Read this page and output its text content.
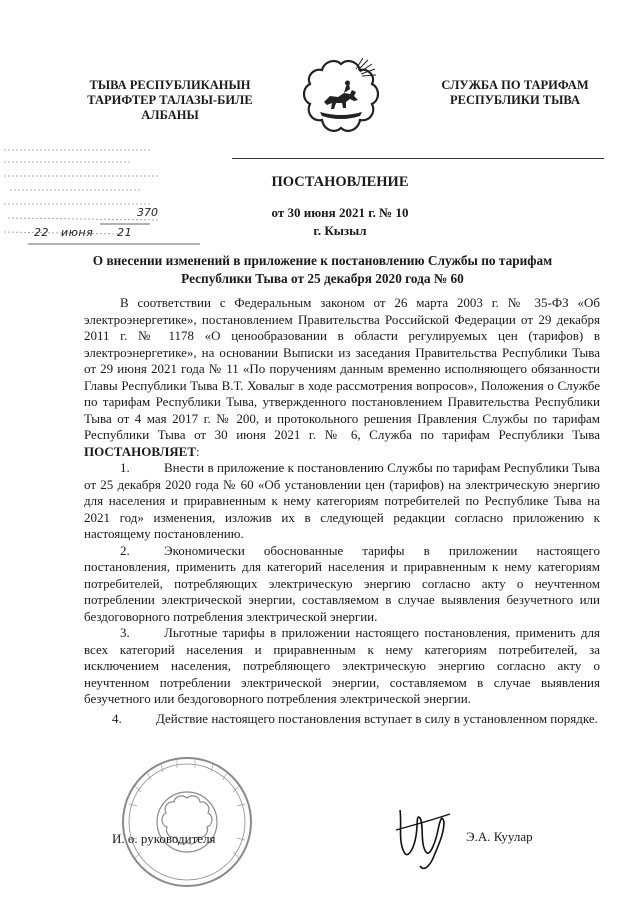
ТЫВА РЕСПУБЛИКАНЫН
ТАРИФТЕР ТАЛАЗЫ-БИЛЕ
АЛБАНЫ
СЛУЖБА ПО ТАРИФАМ
РЕСПУБЛИКИ ТЫВА
370
22   июня      21
ПОСТАНОВЛЕНИЕ
от 30 июня 2021 г. № 10
г. Кызыл
О внесении изменений в приложение к постановлению Службы по тарифам Республики Тыва от 25 декабря 2020 года № 60

В соответствии с Федеральным законом от 26 марта 2003 г. № 35-ФЗ «Об электроэнергетике», постановлением Правительства Российской Федерации от 29 декабря 2011 г. № 1178 «О ценообразовании в области регулируемых цен (тарифов) в электроэнергетике», на основании Выписки из заседания Правительства Республики Тыва от 29 июня 2021 года № 11 «По поручениям данным временно исполняющего обязанности Главы Республики Тыва В.Т. Ховалыг в ходе рассмотрения вопросов», Положения о Службе по тарифам Республики Тыва, утвержденного постановлением Правительства Республики Тыва от 4 мая 2017 г. № 200, и протокольного решения Правления Службы по тарифам Республики Тыва от 30 июня 2021 г. № 6, Служба по тарифам Республики Тыва ПОСТАНОВЛЯЕТ:

1.	Внести в приложение к постановлению Службы по тарифам Республики Тыва от 25 декабря 2020 года № 60 «Об установлении цен (тарифов) на электрическую энергию для населения и приравненным к нему категориям потребителей по Республике Тыва на 2021 год» изменения, изложив их в следующей редакции согласно приложению к настоящему постановлению.

2.	Экономически обоснованные тарифы в приложении настоящего постановления, применить для категорий населения и приравненным к нему категориям потребителей, потребляющих электрическую энергию согласно акту о неучтенном потреблении электрической энергии, составляемом в случае выявления безучетного или бездоговорного потребления электрической энергии.

3.	Льготные тарифы в приложении настоящего постановления, применить для всех категорий населения и приравненным к нему категориям потребителей, за исключением населения, потребляющего электрическую энергию согласно акту о неучтенном потреблении электрической энергии, составляемом в случае выявления безучетного или бездоговорного потребления электрической энергии.

4.	Действие настоящего постановления вступает в силу в установленном порядке.

И. о. руководителя	Э.А. Куулар
